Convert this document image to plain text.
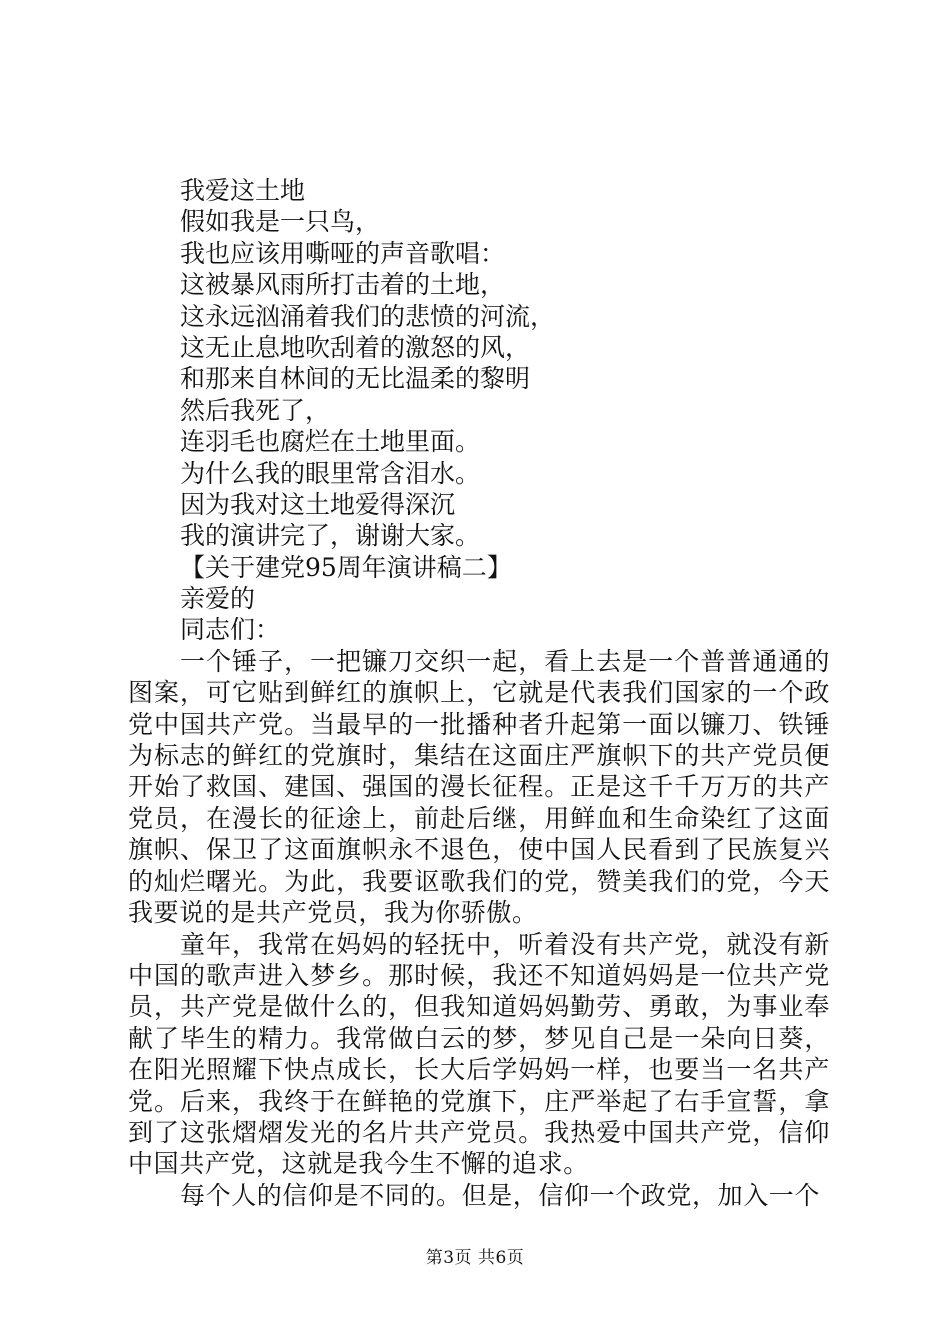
我爱这土地
假如我是一只鸟，
我也应该用嘶哑的声音歌唱：
这被暴风雨所打击着的土地，
这永远汹涌着我们的悲愤的河流，
这无止息地吹刮着的激怒的风，
和那来自林间的无比温柔的黎明
然后我死了，
连羽毛也腐烂在土地里面。
为什么我的眼里常含泪水。
因为我对这土地爱得深沉
我的演讲完了，谢谢大家。
【关于建党95周年演讲稿二】
亲爱的
同志们：

一个锤子，一把镰刀交织一起，看上去是一个普普通通的图案，可它贴到鲜红的旗帜上，它就是代表我们国家的一个政党中国共产党。当最早的一批播种者升起第一面以镰刀、铁锤为标志的鲜红的党旗时，集结在这面庄严旗帜下的共产党员便开始了救国、建国、强国的漫长征程。正是这千千万万的共产党员，在漫长的征途上，前赴后继，用鲜血和生命染红了这面旗帜、保卫了这面旗帜永不退色，使中国人民看到了民族复兴的灿烂曙光。为此，我要讴歌我们的党，赞美我们的党，今天我要说的是共产党员，我为你骄傲。

童年，我常在妈妈的轻抚中，听着没有共产党，就没有新中国的歌声进入梦乡。那时候，我还不知道妈妈是一位共产党员，共产党是做什么的，但我知道妈妈勤劳、勇敢，为事业奉献了毕生的精力。我常做白云的梦，梦见自己是一朵向日葵，在阳光照耀下快点成长，长大后学妈妈一样，也要当一名共产党。后来，我终于在鲜艳的党旗下，庄严举起了右手宣誓，拿到了这张熠熠发光的名片共产党员。我热爱中国共产党，信仰中国共产党，这就是我今生不懈的追求。

每个人的信仰是不同的。但是，信仰一个政党，加入一个

第3页 共6页
